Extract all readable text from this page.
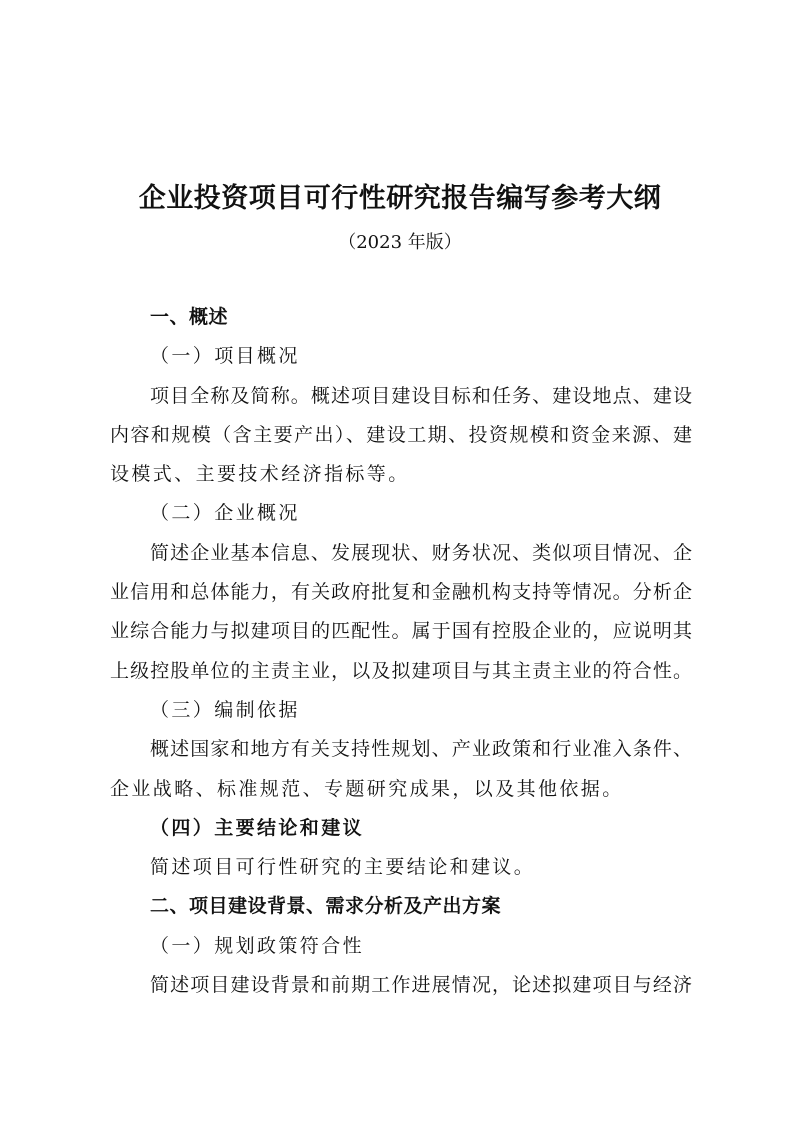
企业投资项目可行性研究报告编写参考大纲
（2023 年版）
一、概述
（一）项目概况
项目全称及简称。概述项目建设目标和任务、建设地点、建设
内容和规模（含主要产出）、建设工期、投资规模和资金来源、建
设模式、主要技术经济指标等。
（二）企业概况
简述企业基本信息、发展现状、财务状况、类似项目情况、企
业信用和总体能力，有关政府批复和金融机构支持等情况。分析企
业综合能力与拟建项目的匹配性。属于国有控股企业的，应说明其
上级控股单位的主责主业，以及拟建项目与其主责主业的符合性。
（三）编制依据
概述国家和地方有关支持性规划、产业政策和行业准入条件、
企业战略、标准规范、专题研究成果，以及其他依据。
（四）主要结论和建议
简述项目可行性研究的主要结论和建议。
二、项目建设背景、需求分析及产出方案
（一）规划政策符合性
简述项目建设背景和前期工作进展情况，论述拟建项目与经济
